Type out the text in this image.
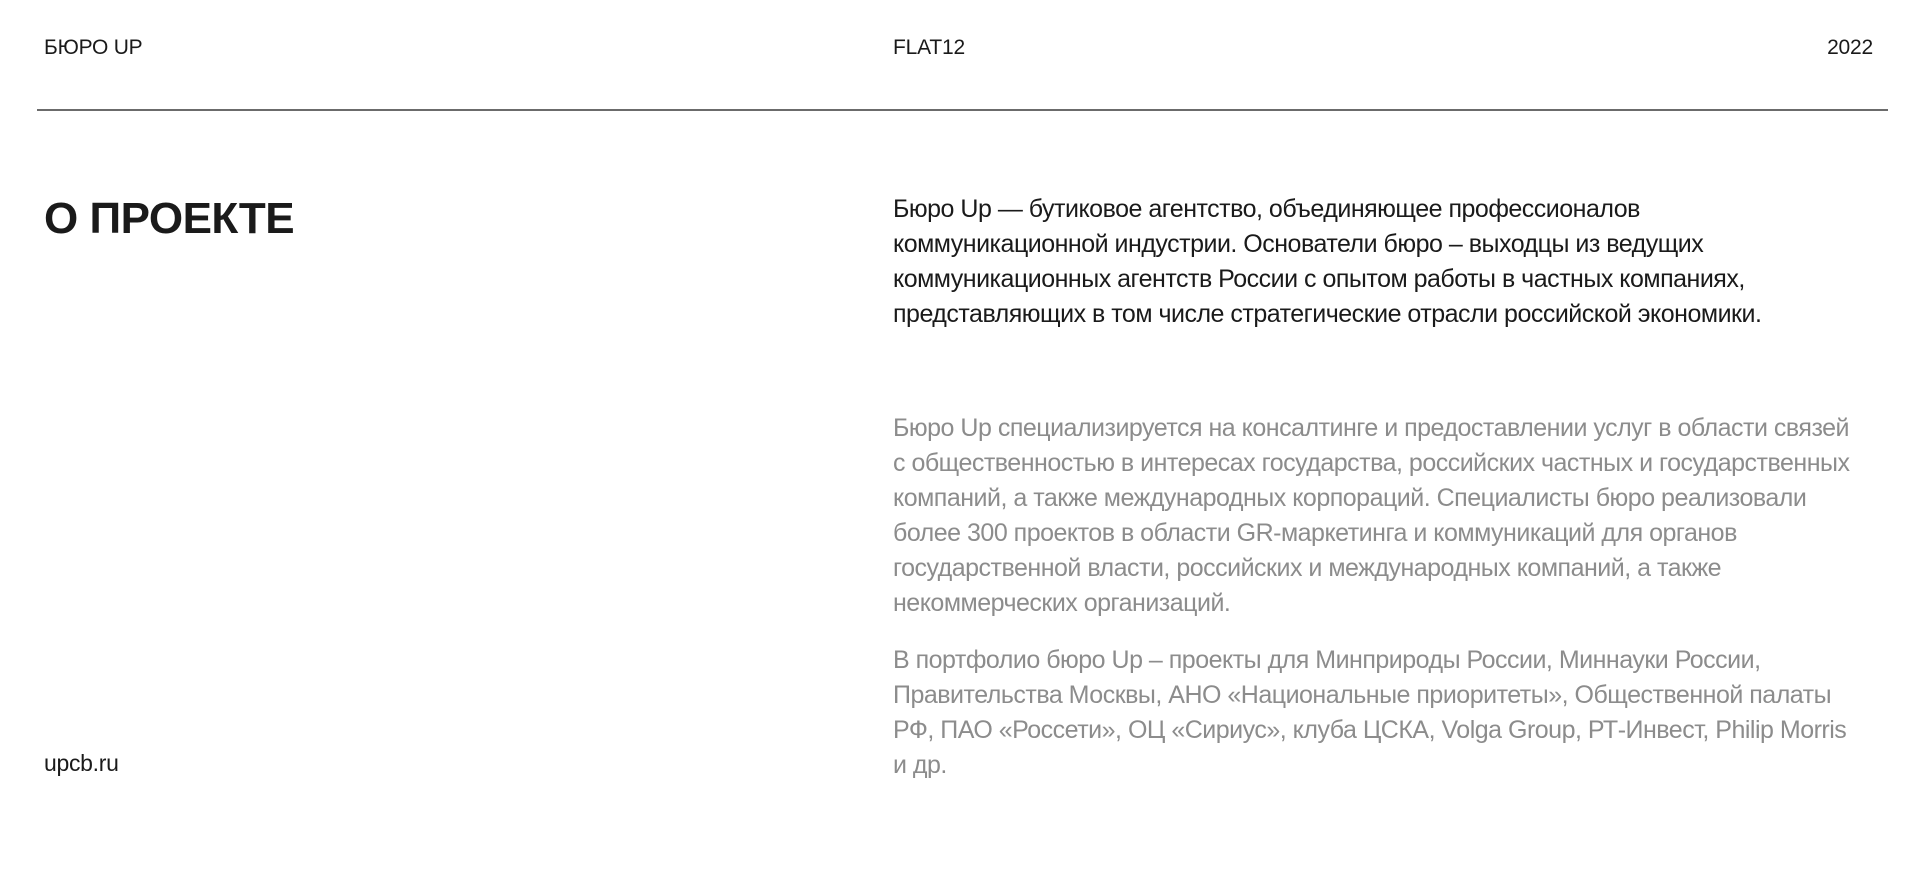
БЮРО UP	FLAT12	2022
О ПРОЕКТЕ
upcb.ru

Бюро Up — бутиковое агентство, объединяющее профессионалов коммуникационной индустрии. Основатели бюро – выходцы из ведущих коммуникационных агентств России с опытом работы в частных компаниях, представляющих в том числе стратегические отрасли российской экономики.

Бюро Up специализируется на консалтинге и предоставлении услуг в области связей с общественностью в интересах государства, российских частных и государственных компаний, а также международных корпораций. Специалисты бюро реализовали более 300 проектов в области GR-маркетинга и коммуникаций для органов государственной власти, российских и международных компаний, а также некоммерческих организаций.

В портфолио бюро Up – проекты для Минприроды России, Миннауки России, Правительства Москвы, АНО «Национальные приоритеты», Общественной палаты РФ, ПАО «Россети», ОЦ «Сириус», клуба ЦСКА, Volga Group, РТ-Инвест, Philip Morris и др.
